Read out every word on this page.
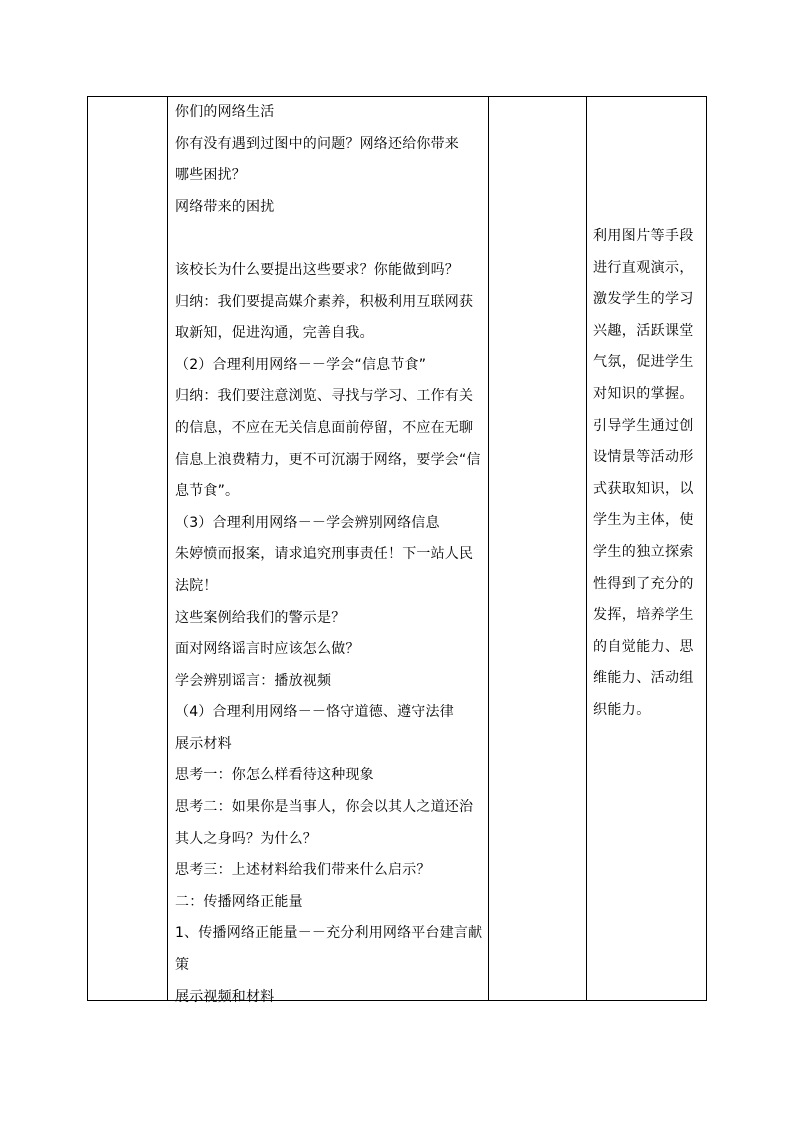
你们的网络生活
你有没有遇到过图中的问题？网络还给你带来
哪些困扰？
网络带来的困扰
该校长为什么要提出这些要求？你能做到吗？
归纳：我们要提高媒介素养，积极利用互联网获
取新知，促进沟通，完善自我。
（2）合理利用网络－－学会“信息节食”
归纳：我们要注意浏览、寻找与学习、工作有关
的信息，不应在无关信息面前停留，不应在无聊
信息上浪费精力，更不可沉溺于网络，要学会“信
息节食”。
（3）合理利用网络－－学会辨别网络信息
朱婷愤而报案，请求追究刑事责任！下一站人民
法院！
这些案例给我们的警示是？
面对网络谣言时应该怎么做？
学会辨别谣言：播放视频
（4）合理利用网络－－恪守道德、遵守法律
展示材料
思考一：你怎么样看待这种现象
思考二：如果你是当事人，你会以其人之道还治
其人之身吗？为什么？
思考三：上述材料给我们带来什么启示？
二：传播网络正能量
1、传播网络正能量－－充分利用网络平台建言献
策
展示视频和材料
利用图片等手段
进行直观演示，
激发学生的学习
兴趣，活跃课堂
气氛，促进学生
对知识的掌握。
引导学生通过创
设情景等活动形
式获取知识，以
学生为主体，使
学生的独立探索
性得到了充分的
发挥，培养学生
的自觉能力、思
维能力、活动组
织能力。
